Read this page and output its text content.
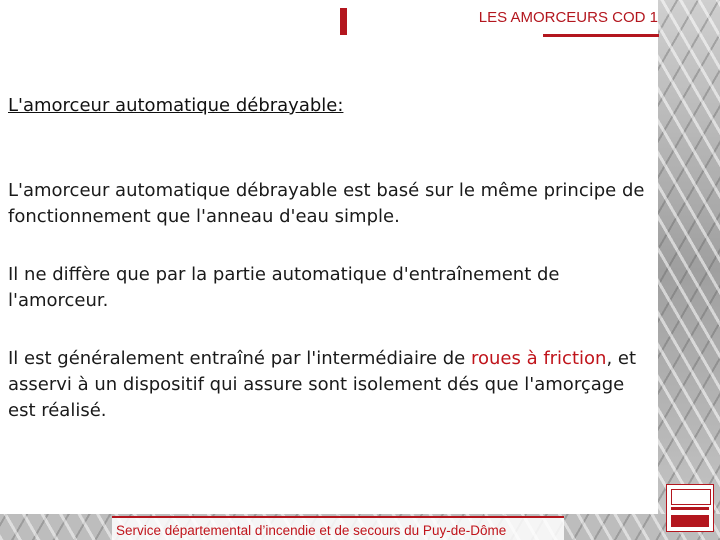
LES AMORCEURS COD 1
L'amorceur automatique débrayable:

L'amorceur automatique débrayable est basé sur le même principe de fonctionnement que l'anneau d'eau simple.

Il ne diffère que par la partie automatique d'entraînement de l'amorceur.

Il est généralement entraîné par l'intermédiaire de roues à friction, et asservi à un dispositif qui assure sont isolement dés que l'amorçage est réalisé.

Service départemental d’incendie et de secours du Puy-de-Dôme
